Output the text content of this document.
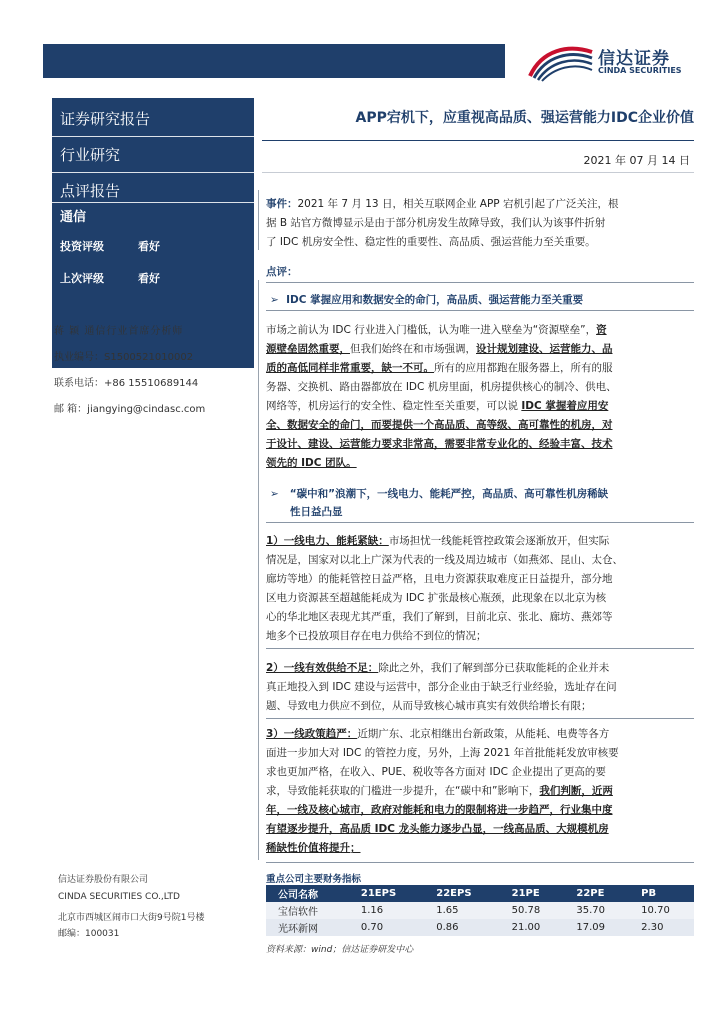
信达证券
CINDA SECURITIES
证券研究报告
行业研究
点评报告
通信
投资评级	看好
上次评级	看好
蒋 颖 通信行业首席分析师
执业编号：S1500521010002
联系电话：+86 15510689144
邮 箱：jiangying@cindasc.com
信达证券股份有限公司
CINDA SECURITIES CO.,LTD
北京市西城区闹市口大街9号院1号楼
邮编：100031
APP宕机下，应重视高品质、强运营能力IDC企业价值
2021 年 07 月 14 日
事件：2021 年 7 月 13 日，相关互联网企业 APP 宕机引起了广泛关注，根
据 B 站官方微博显示是由于部分机房发生故障导致，我们认为该事件折射
了 IDC 机房安全性、稳定性的重要性、高品质、强运营能力至关重要。
点评：
➢  IDC 掌握应用和数据安全的命门，高品质、强运营能力至关重要
市场之前认为 IDC 行业进入门槛低，认为唯一进入壁垒为“资源壁垒”，资
源壁垒固然重要，但我们始终在和市场强调，设计规划建设、运营能力、品
质的高低同样非常重要，缺一不可。所有的应用都跑在服务器上，所有的服
务器、交换机、路由器都放在 IDC 机房里面，机房提供核心的制冷、供电、
网络等，机房运行的安全性、稳定性至关重要，可以说 IDC 掌握着应用安
全、数据安全的命门，而要提供一个高品质、高等级、高可靠性的机房，对
于设计、建设、运营能力要求非常高，需要非常专业化的、经验丰富、技术
领先的 IDC 团队。
➢   “碳中和”浪潮下，一线电力、能耗严控，高品质、高可靠性机房稀缺
性日益凸显
1）一线电力、能耗紧缺：市场担忧一线能耗管控政策会逐渐放开，但实际
情况是，国家对以北上广深为代表的一线及周边城市（如燕郊、昆山、太仓、
廊坊等地）的能耗管控日益严格，且电力资源获取难度正日益提升，部分地
区电力资源甚至超越能耗成为 IDC 扩张最核心瓶颈，此现象在以北京为核
心的华北地区表现尤其严重，我们了解到，目前北京、张北、廊坊、燕郊等
地多个已投放项目存在电力供给不到位的情况；
2）一线有效供给不足：除此之外，我们了解到部分已获取能耗的企业并未
真正地投入到 IDC 建设与运营中，部分企业由于缺乏行业经验，选址存在问
题、导致电力供应不到位，从而导致核心城市真实有效供给增长有限；
3）一线政策趋严：近期广东、北京相继出台新政策，从能耗、电费等各方
面进一步加大对 IDC 的管控力度，另外，上海 2021 年首批能耗发放审核要
求也更加严格，在收入、PUE、税收等各方面对 IDC 企业提出了更高的要
求，导致能耗获取的门槛进一步提升，在“碳中和”影响下，我们判断，近两
年，一线及核心城市，政府对能耗和电力的限制将进一步趋严，行业集中度
有望逐步提升，高品质 IDC 龙头能力逐步凸显，一线高品质、大规模机房
稀缺性价值将提升；
重点公司主要财务指标
公司名称	21EPS	22EPS	21PE	22PE	PB
宝信软件	1.16	1.65	50.78	35.70	10.70
光环新网	0.70	0.86	21.00	17.09	2.30
资料来源：wind；信达证券研发中心
